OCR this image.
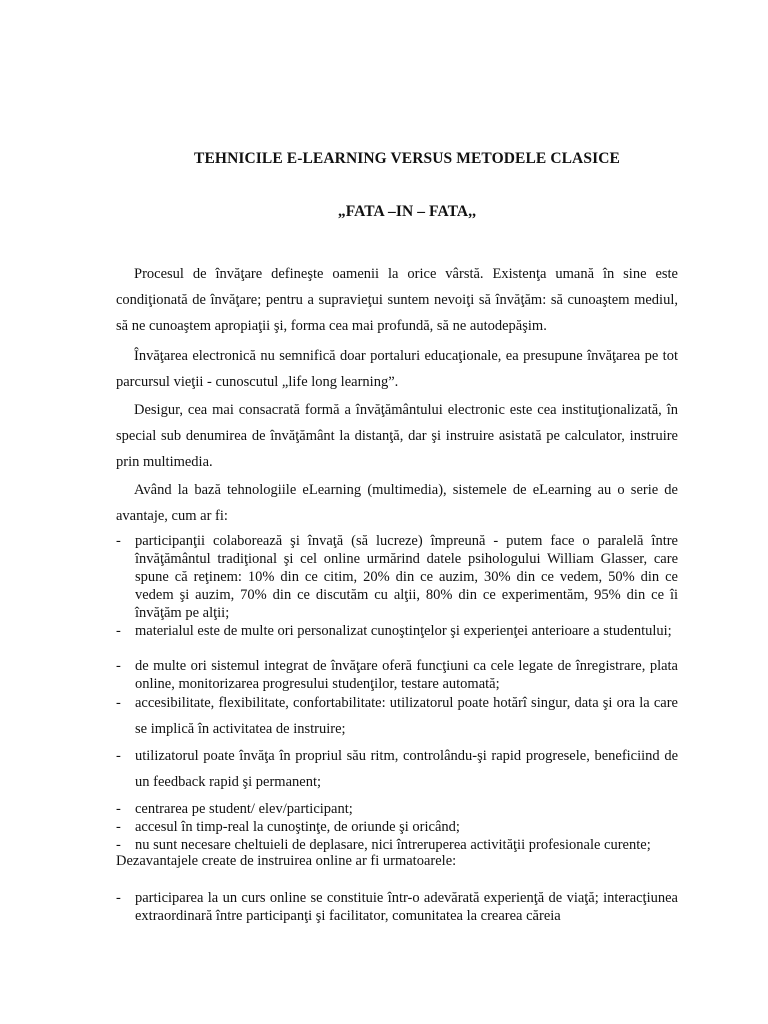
TEHNICILE E-LEARNING VERSUS METODELE CLASICE
„FATA –IN – FATA,,

Procesul de învăţare defineşte oamenii la orice vârstă. Existenţa umană în sine este condiţionată de învăţare; pentru a supravieţui suntem nevoiţi să învăţăm: să cunoaştem mediul, să ne cunoaştem apropiaţii şi, forma cea mai profundă, să ne autodepăşim.

Învăţarea electronică nu semnifică doar portaluri educaţionale, ea presupune învăţarea pe tot parcursul vieţii - cunoscutul „life long learning”.

Desigur, cea mai consacrată formă a învăţământului electronic este cea instituţionalizată, în special sub denumirea de învăţământ la distanţă, dar şi instruire asistată pe calculator, instruire prin multimedia.

Având la bază tehnologiile eLearning (multimedia), sistemele de eLearning au o serie de avantaje, cum ar fi:

- participanţii colaborează şi învaţă (să lucreze) împreună - putem face o paralelă între învăţământul tradiţional şi cel online urmărind datele psihologului William Glasser, care spune că reţinem: 10% din ce citim, 20% din ce auzim, 30% din ce vedem, 50% din ce vedem şi auzim, 70% din ce discutăm cu alţii, 80% din ce experimentăm, 95% din ce îi învăţăm pe alţii;
- materialul este de multe ori personalizat cunoştinţelor şi experienţei anterioare a studentului;
- de multe ori sistemul integrat de învăţare oferă funcţiuni ca cele legate de înregistrare, plata online, monitorizarea progresului studenţilor, testare automată;
- accesibilitate, flexibilitate, confortabilitate: utilizatorul poate hotărî singur, data şi ora la care se implică în activitatea de instruire;
- utilizatorul poate învăţa în propriul său ritm, controlându-şi rapid progresele, beneficiind de un feedback rapid şi permanent;
- centrarea pe student/ elev/participant;
- accesul în timp-real la cunoştinţe, de oriunde şi oricând;
- nu sunt necesare cheltuieli de deplasare, nici întreruperea activităţii profesionale curente;

Dezavantajele create de instruirea online ar fi urmatoarele:

- participarea la un curs online se constituie într-o adevărată experienţă de viaţă; interacţiunea extraordinară între participanţi şi facilitator, comunitatea la crearea căreia
